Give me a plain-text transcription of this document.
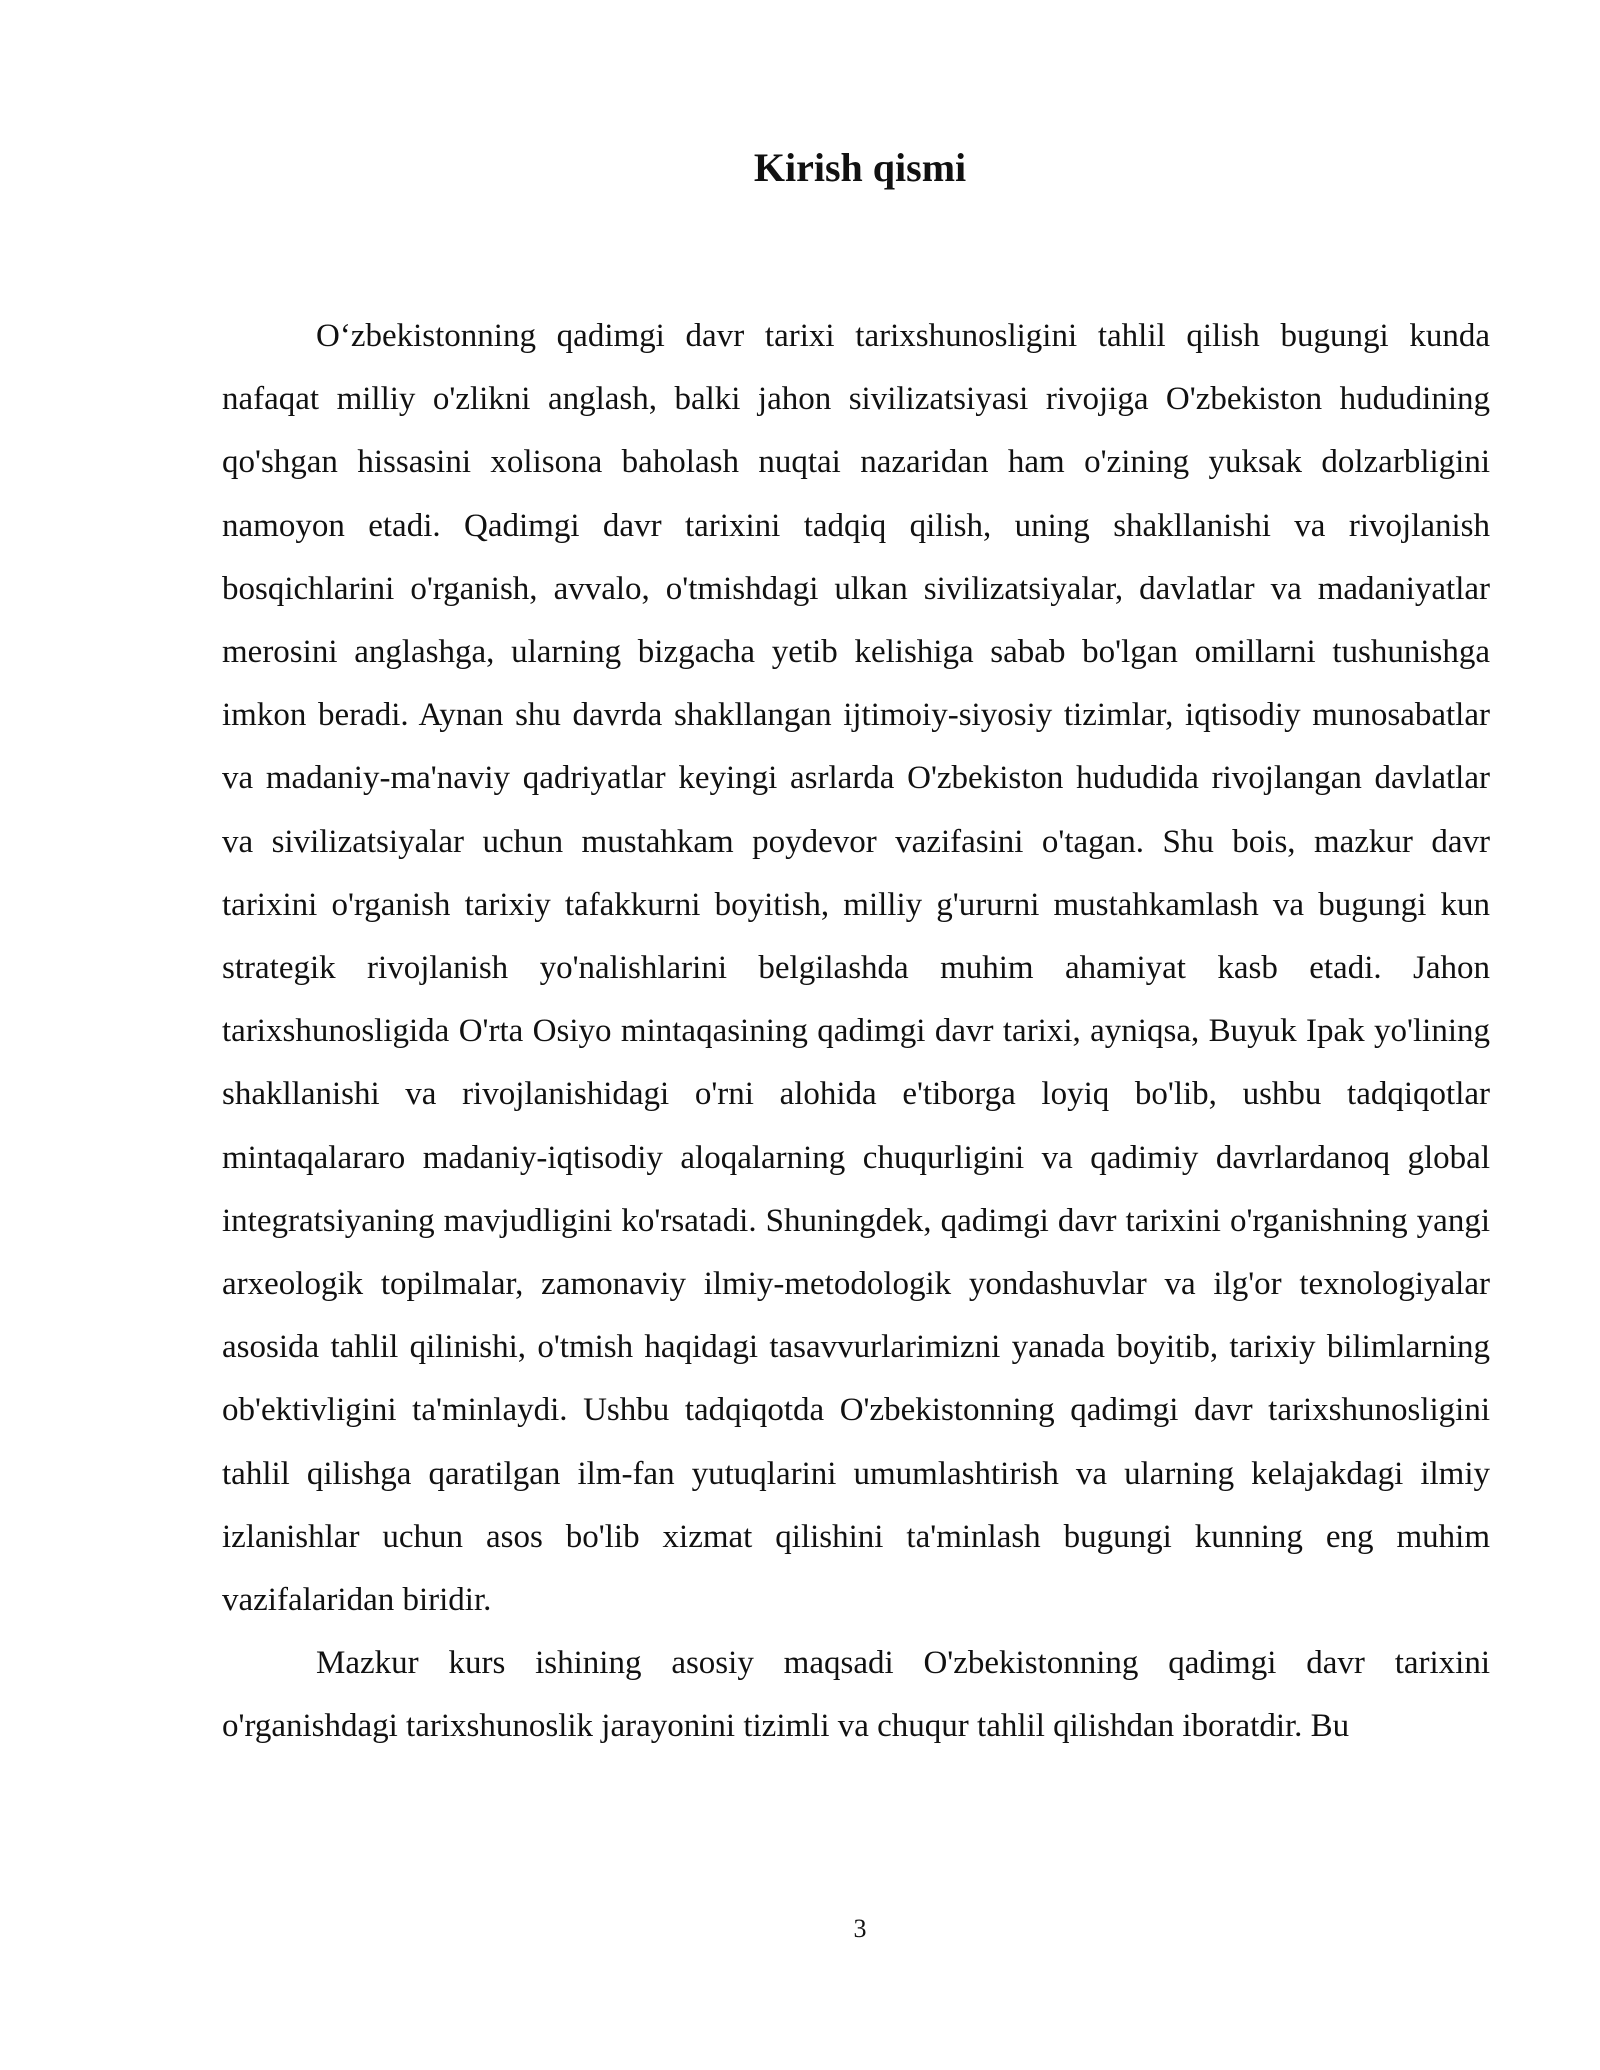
Kirish qismi

O‘zbekistonning qadimgi davr tarixi tarixshunosligini tahlil qilish bugungi kunda nafaqat milliy o'zlikni anglash, balki jahon sivilizatsiyasi rivojiga O'zbekiston hududining qo'shgan hissasini xolisona baholash nuqtai nazaridan ham o'zining yuksak dolzarbligini namoyon etadi. Qadimgi davr tarixini tadqiq qilish, uning shakllanishi va rivojlanish bosqichlarini o'rganish, avvalo, o'tmishdagi ulkan sivilizatsiyalar, davlatlar va madaniyatlar merosini anglashga, ularning bizgacha yetib kelishiga sabab bo'lgan omillarni tushunishga imkon beradi. Aynan shu davrda shakllangan ijtimoiy-siyosiy tizimlar, iqtisodiy munosabatlar va madaniy-ma'naviy qadriyatlar keyingi asrlarda O'zbekiston hududida rivojlangan davlatlar va sivilizatsiyalar uchun mustahkam poydevor vazifasini o'tagan. Shu bois, mazkur davr tarixini o'rganish tarixiy tafakkurni boyitish, milliy g'ururni mustahkamlash va bugungi kun strategik rivojlanish yo'nalishlarini belgilashda muhim ahamiyat kasb etadi. Jahon tarixshunosligida O'rta Osiyo mintaqasining qadimgi davr tarixi, ayniqsa, Buyuk Ipak yo'lining shakllanishi va rivojlanishidagi o'rni alohida e'tiborga loyiq bo'lib, ushbu tadqiqotlar mintaqalararo madaniy-iqtisodiy aloqalarning chuqurligini va qadimiy davrlardanoq global integratsiyaning mavjudligini ko'rsatadi. Shuningdek, qadimgi davr tarixini o'rganishning yangi arxeologik topilmalar, zamonaviy ilmiy-metodologik yondashuvlar va ilg'or texnologiyalar asosida tahlil qilinishi, o'tmish haqidagi tasavvurlarimizni yanada boyitib, tarixiy bilimlarning ob'ektivligini ta'minlaydi. Ushbu tadqiqotda O'zbekistonning qadimgi davr tarixshunosligini tahlil qilishga qaratilgan ilm-fan yutuqlarini umumlashtirish va ularning kelajakdagi ilmiy izlanishlar uchun asos bo'lib xizmat qilishini ta'minlash bugungi kunning eng muhim vazifalaridan biridir.

Mazkur kurs ishining asosiy maqsadi O'zbekistonning qadimgi davr tarixini o'rganishdagi tarixshunoslik jarayonini tizimli va chuqur tahlil qilishdan iboratdir. Bu

3
